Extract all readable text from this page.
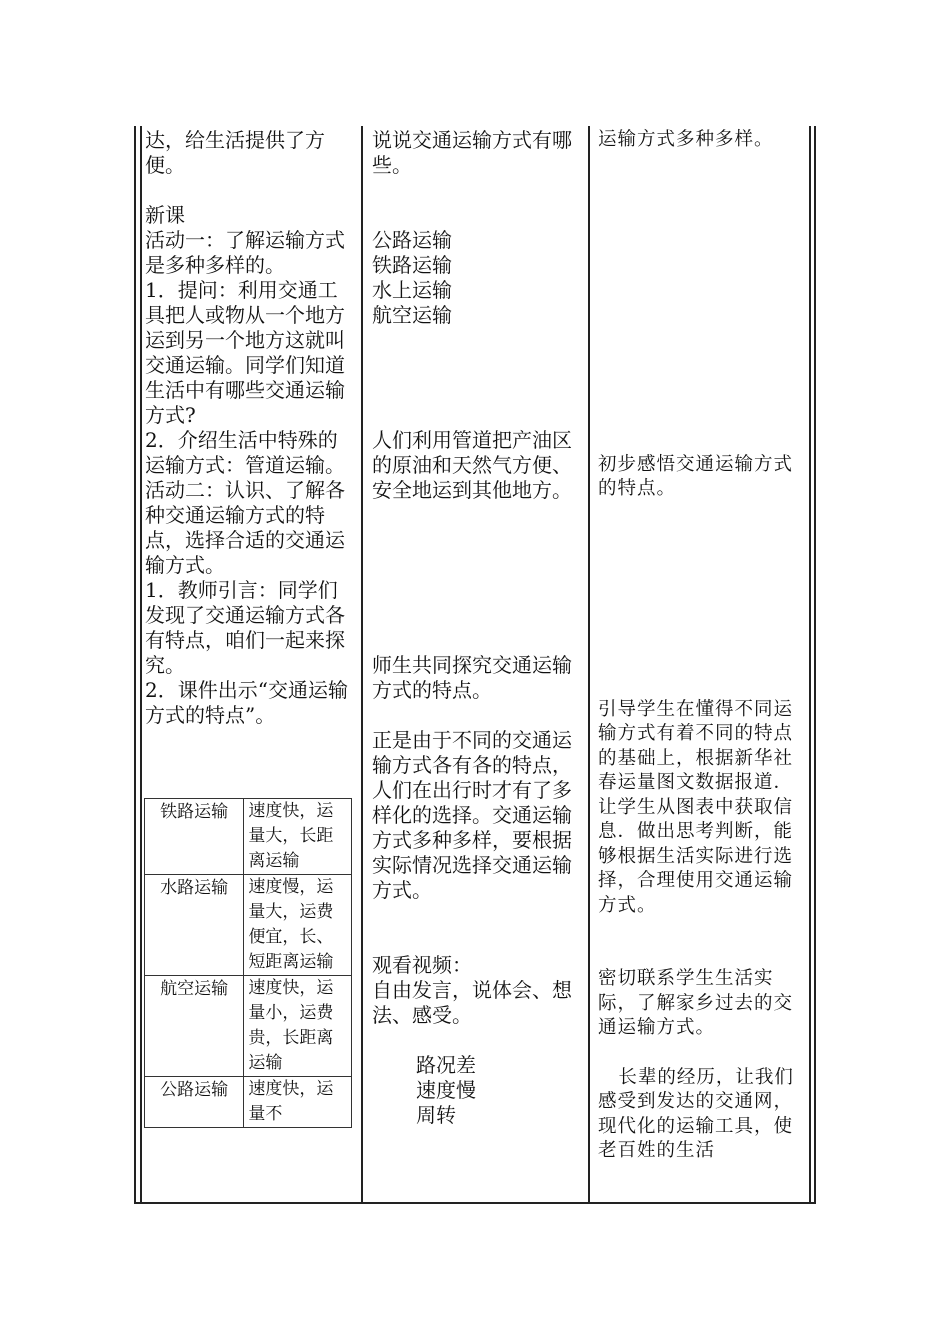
达，给生活提供了方便。

新课

活动一：了解运输方式是多种多样的。

1．提问：利用交通工具把人或物从一个地方运到另一个地方这就叫交通运输。同学们知道生活中有哪些交通运输方式?

2．介绍生活中特殊的运输方式：管道运输。

活动二：认识、了解各种交通运输方式的特点，选择合适的交通运输方式。

1．教师引言：同学们发现了交通运输方式各有特点，咱们一起来探究。

2．课件出示“交通运输方式的特点”。

铁路运输	速度快，运量大，长距离运输
水路运输	速度慢，运量大，运费便宜，长、短距离运输
航空运输	速度快，运量小，运费贵，长距离运输
公路运输	速度快，运量不

说说交通运输方式有哪些。

公路运输

铁路运输

水上运输

航空运输

人们利用管道把产油区的原油和天然气方便、安全地运到其他地方。

师生共同探究交通运输方式的特点。

正是由于不同的交通运输方式各有各的特点，人们在出行时才有了多样化的选择。交通运输方式多种多样，要根据实际情况选择交通运输方式。

观看视频：

自由发言，说体会、想法、感受。

路况差

速度慢

周转

运输方式多种多样。

初步感悟交通运输方式的特点。

引导学生在懂得不同运输方式有着不同的特点的基础上，根据新华社春运量图文数据报道．让学生从图表中获取信息．做出思考判断，能够根据生活实际进行选择，合理使用交通运输方式。

密切联系学生生活实际，了解家乡过去的交通运输方式。

长辈的经历，让我们感受到发达的交通网，现代化的运输工具，使老百姓的生活
